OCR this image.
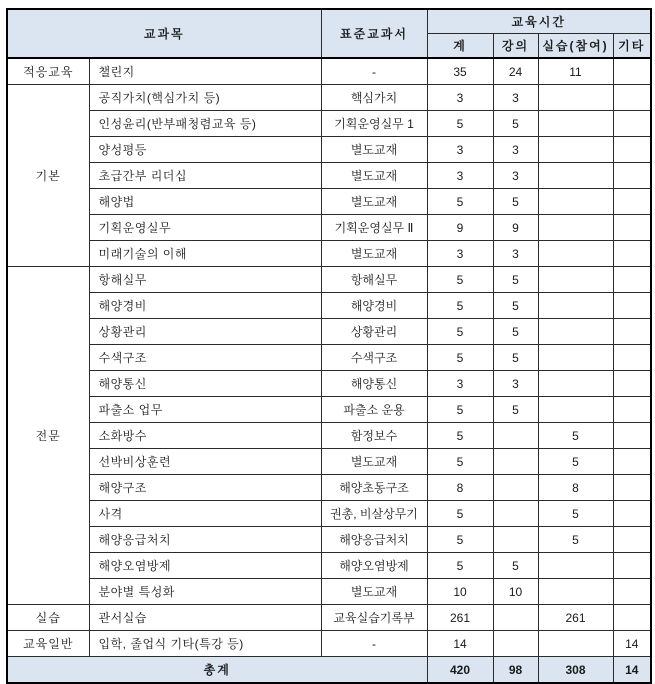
교과목		표준교과서	교육시간			
			계	강의	실습(참여)	기타
적응교육	챌린지	-	35	24	11	
기본	공직가치(핵심가치 등)	핵심가치	3	3		
	인성윤리(반부패청렴교육 등)	기획운영실무 1	5	5		
	양성평등	별도교재	3	3		
	초급간부 리더십	별도교재	3	3		
	해양법	별도교재	5	5		
	기획운영실무	기획운영실무 Ⅱ	9	9		
	미래기술의 이해	별도교재	3	3		
전문	항해실무	항해실무	5	5		
	해양경비	해양경비	5	5		
	상황관리	상황관리	5	5		
	수색구조	수색구조	5	5		
	해양통신	해양통신	3	3		
	파출소 업무	파출소 운용	5	5		
	소화방수	함정보수	5		5	
	선박비상훈련	별도교재	5		5	
	해양구조	해양초동구조	8		8	
	사격	권총, 비살상무기	5		5	
	해양응급처치	해양응급처치	5		5	
	해양오염방제	해양오염방제	5	5		
	분야별 특성화	별도교재	10	10		
실습	관서실습	교육실습기록부	261		261	
교육일반	입학, 졸업식 기타(특강 등)	-	14			14
총계			420	98	308	14
